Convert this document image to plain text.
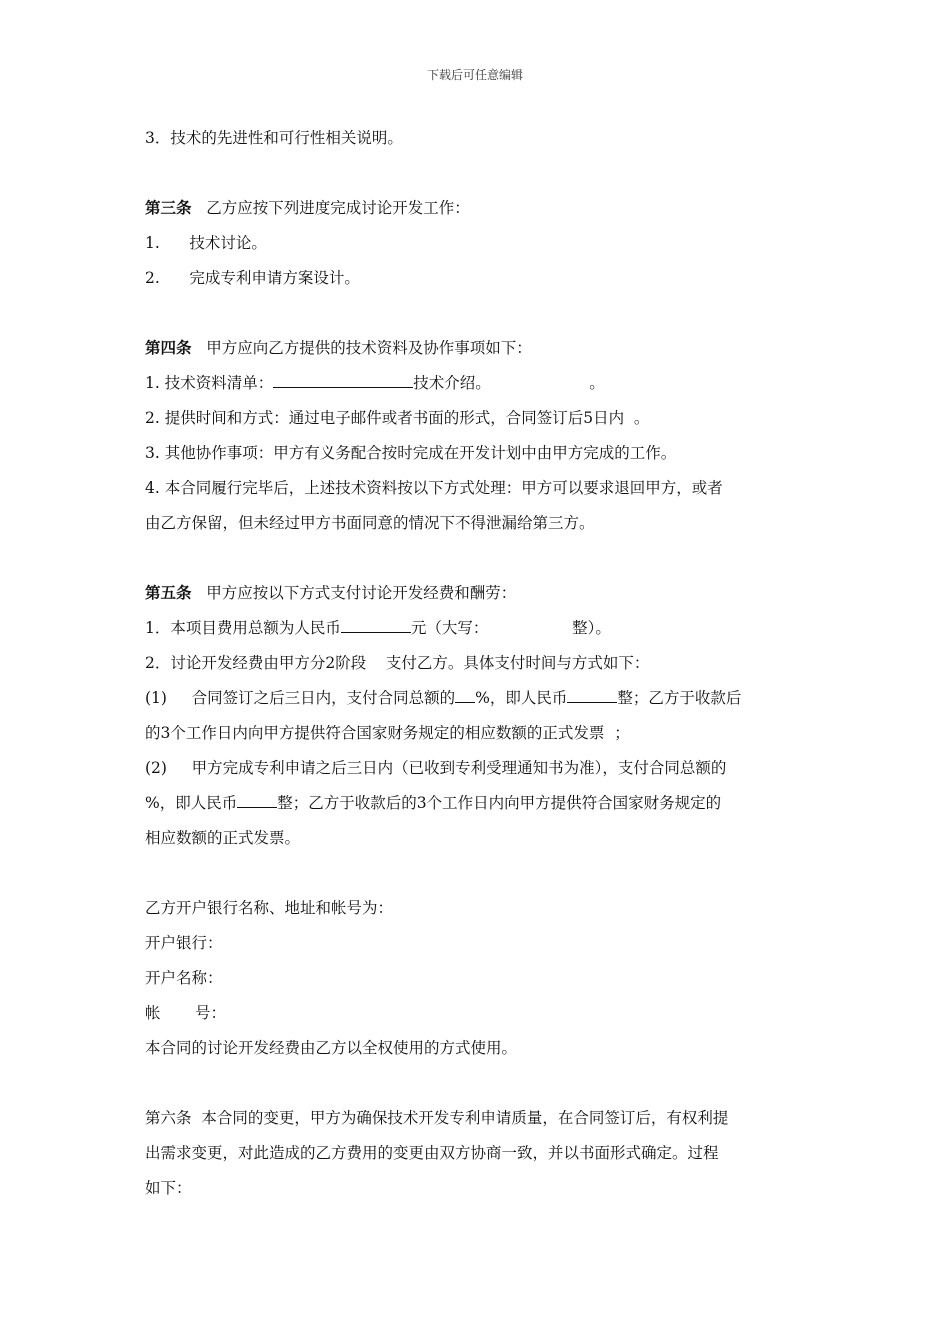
下载后可任意编辑
3．技术的先进性和可行性相关说明。
第三条   乙方应按下列进度完成讨论开发工作：
1.      技术讨论。
2.      完成专利申请方案设计。
第四条   甲方应向乙方提供的技术资料及协作事项如下：
1. 技术资料清单：	技术介绍。                    。
2. 提供时间和方式：通过电子邮件或者书面的形式，合同签订后5日内  。
3. 其他协作事项：甲方有义务配合按时完成在开发计划中由甲方完成的工作。
4. 本合同履行完毕后，上述技术资料按以下方式处理：甲方可以要求退回甲方，或者
由乙方保留，但未经过甲方书面同意的情况下不得泄漏给第三方。
第五条   甲方应按以下方式支付讨论开发经费和酬劳：
1．本项目费用总额为人民币	元（大写：                 整）。
2．讨论开发经费由甲方分2阶段    支付乙方。具体支付时间与方式如下：
(1)     合同签订之后三日内，支付合同总额的 %，即人民币	整；乙方于收款后
的3个工作日内向甲方提供符合国家财务规定的相应数额的正式发票  ；
(2)     甲方完成专利申请之后三日内（已收到专利受理通知书为准），支付合同总额的
%，即人民币	整；乙方于收款后的3个工作日内向甲方提供符合国家财务规定的
相应数额的正式发票。
乙方开户银行名称、地址和帐号为：
开户银行：
开户名称：
帐       号：
本合同的讨论开发经费由乙方以全权使用的方式使用。
第六条  本合同的变更，甲方为确保技术开发专利申请质量，在合同签订后，有权利提
出需求变更，对此造成的乙方费用的变更由双方协商一致，并以书面形式确定。过程
如下：
